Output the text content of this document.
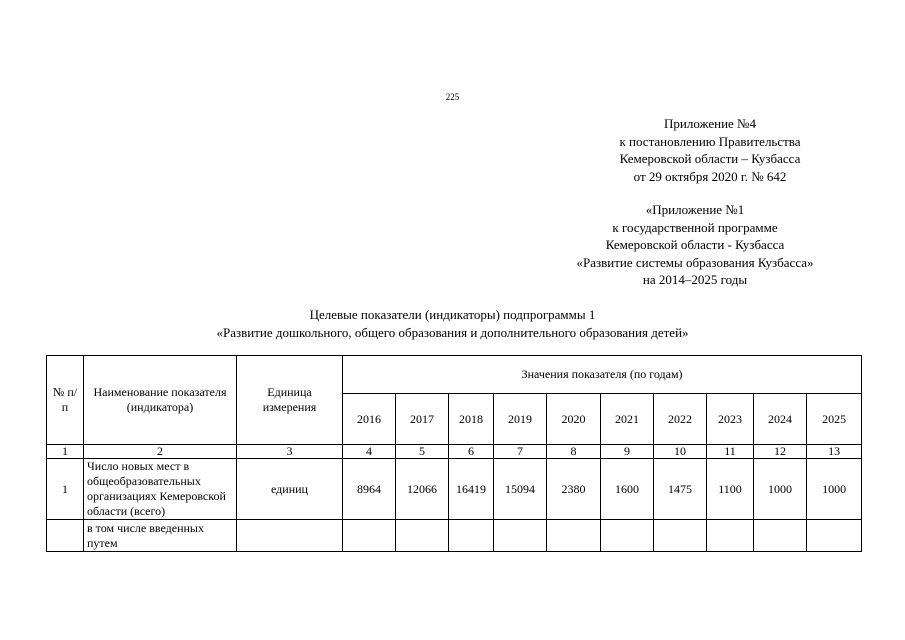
225
Приложение №4
к постановлению Правительства
Кемеровской области – Кузбасса
от 29 октября 2020 г. № 642
«Приложение №1
к государственной программе
Кемеровской области - Кузбасса
«Развитие системы образования Кузбасса»
на 2014–2025 годы
Целевые показатели (индикаторы) подпрограммы 1
«Развитие дошкольного, общего образования и дополнительного образования детей»
№ п/п	Наименование показателя (индикатора)	Единица измерения	Значения показателя (по годам)									
			2016	2017	2018	2019	2020	2021	2022	2023	2024	2025
1	2	3	4	5	6	7	8	9	10	11	12	13
1	Число новых мест в общеобразовательных организациях Кемеровской области (всего)	единиц	8964	12066	16419	15094	2380	1600	1475	1100	1000	1000
	в том числе введенных путем											
